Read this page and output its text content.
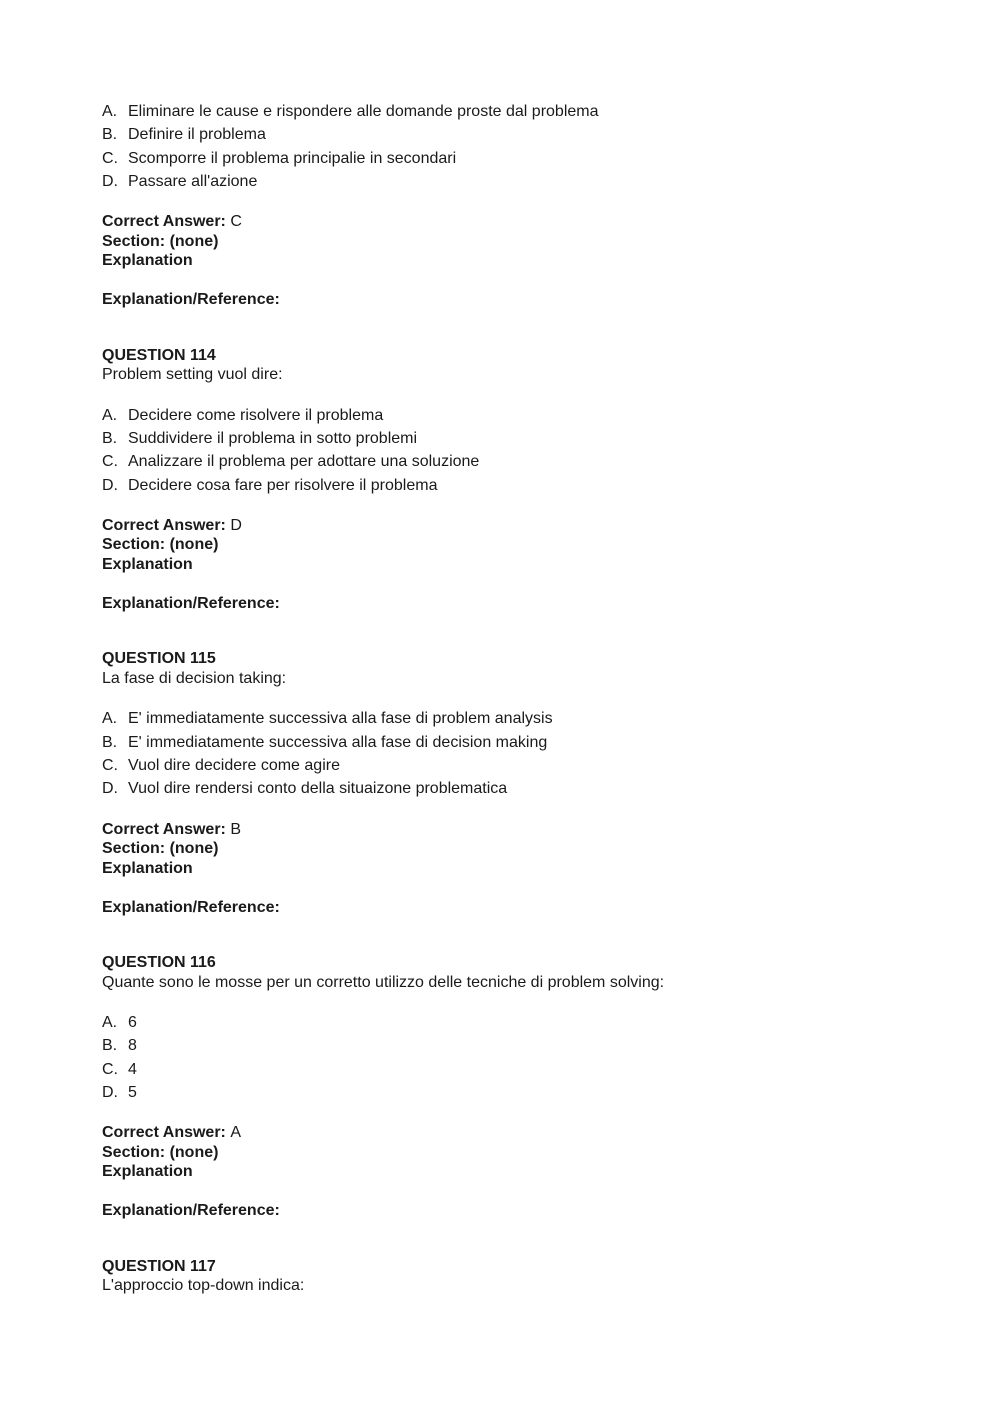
A. Eliminare le cause e rispondere alle domande proste dal problema
B. Definire il problema
C. Scomporre il problema principalie in secondari
D. Passare all'azione
Correct Answer: C
Section: (none)
Explanation
Explanation/Reference:
QUESTION 114
Problem setting vuol dire:
A. Decidere come risolvere il problema
B. Suddividere il problema in sotto problemi
C. Analizzare il problema per adottare una soluzione
D. Decidere cosa fare per risolvere il problema
Correct Answer: D
Section: (none)
Explanation
Explanation/Reference:
QUESTION 115
La fase di decision taking:
A. E' immediatamente successiva alla fase di problem analysis
B. E' immediatamente successiva alla fase di decision making
C. Vuol dire decidere come agire
D. Vuol dire rendersi conto della situaizone problematica
Correct Answer: B
Section: (none)
Explanation
Explanation/Reference:
QUESTION 116
Quante sono le mosse per un corretto utilizzo delle tecniche di problem solving:
A. 6
B. 8
C. 4
D. 5
Correct Answer: A
Section: (none)
Explanation
Explanation/Reference:
QUESTION 117
L'approccio top-down indica:
